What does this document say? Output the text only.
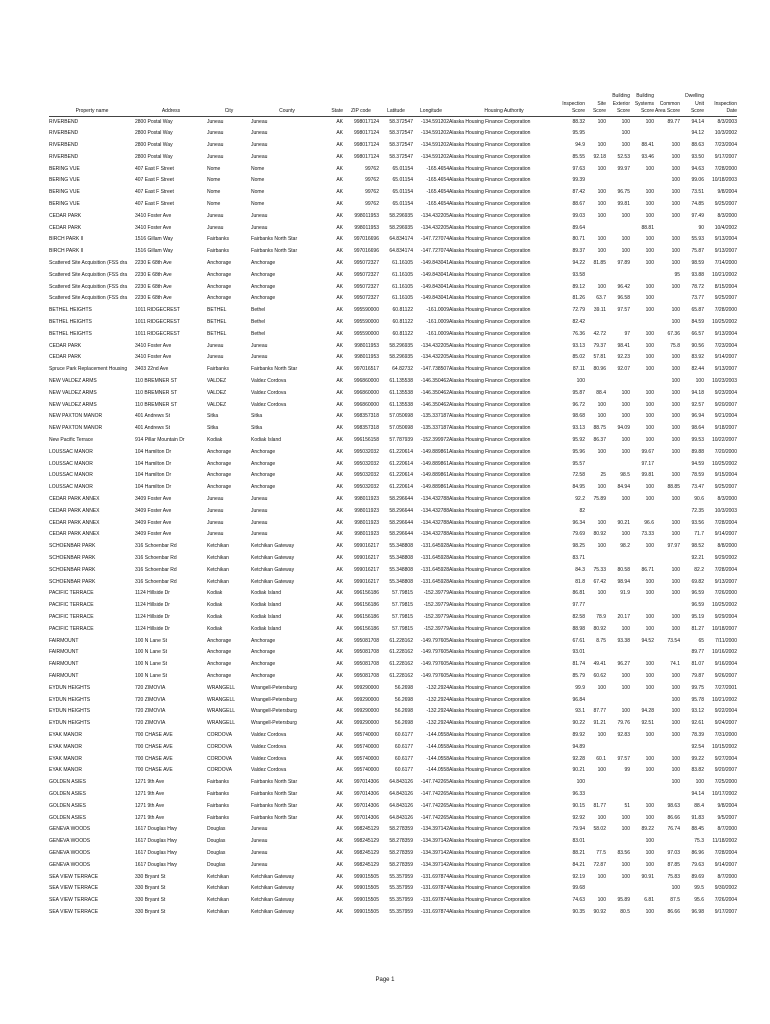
											Building	Building		Dwelling	
									Inspection	Site	Exterior	Systems	Common	Unit	Inspection
Property name	Address	City	County	State	ZIP code	Latitude	Longitude	Housing Authority	Score	Score	Score	Score	Area Score	Score	Date
RIVERBEND	2800 Postal Way	Juneau	Juneau	AK	998017124	58.372547	-134.591202	Alaska Housing Finance Corporation	88.32	100	100	100	89.77	94.14	8/3/2003
RIVERBEND	2800 Postal Way	Juneau	Juneau	AK	998017124	58.372547	-134.591202	Alaska Housing Finance Corporation	95.95		100			94.12	10/3/2002
RIVERBEND	2800 Postal Way	Juneau	Juneau	AK	998017124	58.372547	-134.591202	Alaska Housing Finance Corporation	94.9	100	100	88.41	100	88.63	7/23/2004
RIVERBEND	2800 Postal Way	Juneau	Juneau	AK	998017124	58.372547	-134.591202	Alaska Housing Finance Corporation	85.55	92.18	52.53	93.46	100	93.50	9/17/2007
BERING VUE	407 East F Street	Nome	Nome	AK	99762	65.01154	-165.4654	Alaska Housing Finance Corporation	97.63	100	99.97	100	100	94.63	7/28/2000
BERING VUE	407 East F Street	Nome	Nome	AK	99762	65.01154	-165.4654	Alaska Housing Finance Corporation	99.39				100	99.06	10/18/2003
BERING VUE	407 East F Street	Nome	Nome	AK	99762	65.01154	-165.4654	Alaska Housing Finance Corporation	87.42	100	96.75	100	100	73.51	9/8/2004
BERING VUE	407 East F Street	Nome	Nome	AK	99762	65.01154	-165.4654	Alaska Housing Finance Corporation	88.67	100	99.81	100	100	74.85	9/25/2007
CEDAR PARK	3410 Foster Ave	Juneau	Juneau	AK	998011953	58.296935	-134.432205	Alaska Housing Finance Corporation	99.03	100	100	100	100	97.49	8/3/2000
CEDAR PARK	3410 Foster Ave	Juneau	Juneau	AK	998011953	58.296935	-134.432205	Alaska Housing Finance Corporation	89.64			88.81		90	10/4/2002
BIRCH PARK II	1516 Gillam Way	Fairbanks	Fairbanks North Star	AK	997016696	64.834174	-147.727074	Alaska Housing Finance Corporation	80.71	100	100	100	100	55.93	9/13/2004
BIRCH PARK II	1516 Gillam Way	Fairbanks	Fairbanks North Star	AK	997016696	64.834174	-147.727074	Alaska Housing Finance Corporation	89.37	100	100	100	100	75.87	9/13/2007
Scattered Site Acquisition (FSS dra	2230 E 68th Ave	Anchorage	Anchorage	AK	995072327	61.16105	-149.843041	Alaska Housing Finance Corporation	94.22	81.85	97.89	100	100	98.59	7/14/2000
Scattered Site Acquisition (FSS dra	2230 E 68th Ave	Anchorage	Anchorage	AK	995072327	61.16105	-149.843041	Alaska Housing Finance Corporation	93.58				95	93.88	10/21/2002
Scattered Site Acquisition (FSS dra	2230 E 68th Ave	Anchorage	Anchorage	AK	995072327	61.16105	-149.843041	Alaska Housing Finance Corporation	89.12	100	96.42	100	100	78.72	8/15/2004
Scattered Site Acquisition (FSS dra	2230 E 68th Ave	Anchorage	Anchorage	AK	995072327	61.16105	-149.843041	Alaska Housing Finance Corporation	81.26	63.7	96.58	100		73.77	9/25/2007
BETHEL HEIGHTS	1011 RIDGECREST	BETHEL	Bethel	AK	995590000	60.81122	-161.0009	Alaska Housing Finance Corporation	72.79	39.11	97.57	100	100	65.87	7/28/2000
BETHEL HEIGHTS	1011 RIDGECREST	BETHEL	Bethel	AK	995590000	60.81122	-161.0009	Alaska Housing Finance Corporation	82.42				100	84.59	10/25/2002
BETHEL HEIGHTS	1011 RIDGECREST	BETHEL	Bethel	AK	995590000	60.81122	-161.0009	Alaska Housing Finance Corporation	76.36	42.72	97	100	67.36	66.57	9/13/2004
CEDAR PARK	3410 Foster Ave	Juneau	Juneau	AK	998011953	58.296935	-134.432205	Alaska Housing Finance Corporation	93.13	79.37	98.41	100	75.8	90.56	7/23/2004
CEDAR PARK	3410 Foster Ave	Juneau	Juneau	AK	998011953	58.296935	-134.432205	Alaska Housing Finance Corporation	85.02	57.81	92.23	100	100	83.92	9/14/2007
Spruce Park Replacement Housing	3403 22nd Ave	Fairbanks	Fairbanks North Star	AK	997016517	64.82732	-147.738507	Alaska Housing Finance Corporation	87.11	80.96	92.07	100	100	82.44	9/13/2007
NEW VALDEZ ARMS	110 BREMNER ST	VALDEZ	Valdez Cordova	AK	996860000	61.135538	-146.350462	Alaska Housing Finance Corporation	100				100	100	10/23/2003
NEW VALDEZ ARMS	110 BREMNER ST	VALDEZ	Valdez Cordova	AK	996860000	61.135538	-146.350462	Alaska Housing Finance Corporation	95.87	88.4	100	100	100	94.18	9/23/2004
NEW VALDEZ ARMS	110 BREMNER ST	VALDEZ	Valdez Cordova	AK	996860000	61.135538	-146.350462	Alaska Housing Finance Corporation	96.72	100	100	100	100	92.57	9/20/2007
NEW PAXTON MANOR	401 Andrews St	Sitka	Sitka	AK	998357318	57.050698	-135.337187	Alaska Housing Finance Corporation	98.68	100	100	100	100	96.94	9/21/2004
NEW PAXTON MANOR	401 Andrews St	Sitka	Sitka	AK	998357318	57.050698	-135.337187	Alaska Housing Finance Corporation	93.13	88.75	94.09	100	100	98.64	9/18/2007
New Pacific Terrace	914 Pillar Mountain Dr	Kodiak	Kodiak Island	AK	996156158	57.787939	-152.399972	Alaska Housing Finance Corporation	95.92	86.37	100	100	100	99.53	10/22/2007
LOUSSAC MANOR	104 Hamilton Dr	Anchorage	Anchorage	AK	995032032	61.220614	-149.889861	Alaska Housing Finance Corporation	95.96	100	100	99.67	100	89.88	7/20/2000
LOUSSAC MANOR	104 Hamilton Dr	Anchorage	Anchorage	AK	995032032	61.220614	-149.889861	Alaska Housing Finance Corporation	95.57			97.17		94.59	10/25/2002
LOUSSAC MANOR	104 Hamilton Dr	Anchorage	Anchorage	AK	995032032	61.220614	-149.889861	Alaska Housing Finance Corporation	72.58	25	98.5	99.81	100	78.59	9/15/2004
LOUSSAC MANOR	104 Hamilton Dr	Anchorage	Anchorage	AK	995032032	61.220614	-149.889861	Alaska Housing Finance Corporation	84.95	100	84.94	100	88.85	73.47	9/25/2007
CEDAR PARK ANNEX	3409 Foster Ave	Juneau	Juneau	AK	998011923	58.296644	-134.432788	Alaska Housing Finance Corporation	92.2	75.89	100	100	100	90.6	8/3/2000
CEDAR PARK ANNEX	3409 Foster Ave	Juneau	Juneau	AK	998011923	58.296644	-134.432788	Alaska Housing Finance Corporation	82					72.35	10/3/2003
CEDAR PARK ANNEX	3409 Foster Ave	Juneau	Juneau	AK	998011923	58.296644	-134.432788	Alaska Housing Finance Corporation	96.34	100	90.21	96.6	100	93.56	7/28/2004
CEDAR PARK ANNEX	3409 Foster Ave	Juneau	Juneau	AK	998011923	58.296644	-134.432788	Alaska Housing Finance Corporation	79.69	80.92	100	73.33	100	71.7	9/14/2007
SCHOENBAR PARK	316 Schoenbar Rd	Ketchikan	Ketchikan Gateway	AK	999016217	55.348808	-131.645928	Alaska Housing Finance Corporation	98.25	100	98.2	100	97.97	98.52	8/8/2000
SCHOENBAR PARK	316 Schoenbar Rd	Ketchikan	Ketchikan Gateway	AK	999016217	55.348808	-131.645928	Alaska Housing Finance Corporation	83.71					92.21	9/29/2002
SCHOENBAR PARK	316 Schoenbar Rd	Ketchikan	Ketchikan Gateway	AK	999016217	55.348808	-131.645928	Alaska Housing Finance Corporation	84.3	75.33	80.58	86.71	100	82.2	7/28/2004
SCHOENBAR PARK	316 Schoenbar Rd	Ketchikan	Ketchikan Gateway	AK	999016217	55.348808	-131.645928	Alaska Housing Finance Corporation	81.8	67.42	98.94	100	100	69.82	9/13/2007
PACIFIC TERRACE	1124 Hillside Dr	Kodiak	Kodiak Island	AK	996156186	57.79815	-152.39779	Alaska Housing Finance Corporation	86.81	100	91.9	100	100	96.59	7/26/2000
PACIFIC TERRACE	1124 Hillside Dr	Kodiak	Kodiak Island	AK	996156186	57.79815	-152.39779	Alaska Housing Finance Corporation	97.77					96.59	10/25/2002
PACIFIC TERRACE	1124 Hillside Dr	Kodiak	Kodiak Island	AK	996156186	57.79815	-152.39779	Alaska Housing Finance Corporation	82.58	78.9	20.17	100	100	95.19	9/29/2004
PACIFIC TERRACE	1124 Hillside Dr	Kodiak	Kodiak Island	AK	996156186	57.79815	-152.39779	Alaska Housing Finance Corporation	88.98	80.92	100	100	100	81.27	10/18/2007
FAIRMOUNT	100 N Lane St	Anchorage	Anchorage	AK	995081708	61.228162	-149.797605	Alaska Housing Finance Corporation	67.61	8.75	93.38	94.52	73.54	65	7/11/2000
FAIRMOUNT	100 N Lane St	Anchorage	Anchorage	AK	995081708	61.228162	-149.797605	Alaska Housing Finance Corporation	93.01					89.77	10/16/2002
FAIRMOUNT	100 N Lane St	Anchorage	Anchorage	AK	995081708	61.228162	-149.797605	Alaska Housing Finance Corporation	81.74	49.41	96.27	100	74.1	81.07	9/16/2004
FAIRMOUNT	100 N Lane St	Anchorage	Anchorage	AK	995081708	61.228162	-149.797605	Alaska Housing Finance Corporation	85.79	60.62	100	100	100	79.87	9/26/2007
EYDUN HEIGHTS	720 ZIMOVIA	WRANGELL	Wrangell-Petersburg	AK	999290000	56.2698	-132.2924	Alaska Housing Finance Corporation	99.9	100	100	100	100	99.75	7/27/2001
EYDUN HEIGHTS	720 ZIMOVIA	WRANGELL	Wrangell-Petersburg	AK	999290000	56.2698	-132.2924	Alaska Housing Finance Corporation	96.84				100	95.78	10/21/2002
EYDUN HEIGHTS	720 ZIMOVIA	WRANGELL	Wrangell-Petersburg	AK	999290000	56.2698	-132.2924	Alaska Housing Finance Corporation	93.1	87.77	100	94.28	100	93.12	9/22/2004
EYDUN HEIGHTS	720 ZIMOVIA	WRANGELL	Wrangell-Petersburg	AK	999290000	56.2698	-132.2924	Alaska Housing Finance Corporation	90.22	91.21	79.76	92.51	100	92.61	9/24/2007
EYAK MANOR	700 CHASE AVE	CORDOVA	Valdez Cordova	AK	995740000	60.6177	-144.0558	Alaska Housing Finance Corporation	89.92	100	92.83	100	100	78.39	7/31/2000
EYAK MANOR	700 CHASE AVE	CORDOVA	Valdez Cordova	AK	995740000	60.6177	-144.0558	Alaska Housing Finance Corporation	94.89					92.54	10/15/2002
EYAK MANOR	700 CHASE AVE	CORDOVA	Valdez Cordova	AK	995740000	60.6177	-144.0558	Alaska Housing Finance Corporation	92.28	60.1	97.57	100	100	99.22	9/27/2004
EYAK MANOR	700 CHASE AVE	CORDOVA	Valdez Cordova	AK	995740000	60.6177	-144.0558	Alaska Housing Finance Corporation	90.21	100	99	100	100	83.82	9/20/2007
GOLDEN ASIES	1271 9th Ave	Fairbanks	Fairbanks North Star	AK	997014306	64.843126	-147.742265	Alaska Housing Finance Corporation	100				100	100	7/25/2000
GOLDEN ASIES	1271 9th Ave	Fairbanks	Fairbanks North Star	AK	997014306	64.843126	-147.742265	Alaska Housing Finance Corporation	96.33					94.14	10/17/2002
GOLDEN ASIES	1271 9th Ave	Fairbanks	Fairbanks North Star	AK	997014306	64.843126	-147.742265	Alaska Housing Finance Corporation	90.15	81.77	51	100	98.63	88.4	9/8/2004
GOLDEN ASIES	1271 9th Ave	Fairbanks	Fairbanks North Star	AK	997014306	64.843126	-147.742265	Alaska Housing Finance Corporation	92.92	100	100	100	86.66	91.83	9/5/2007
GENEVA WOODS	1617 Douglas Hwy	Douglas	Juneau	AK	998245129	58.278359	-134.397142	Alaska Housing Finance Corporation	79.94	58.02	100	89.22	76.74	88.45	8/7/2000
GENEVA WOODS	1617 Douglas Hwy	Douglas	Juneau	AK	998245129	58.278359	-134.397142	Alaska Housing Finance Corporation	83.01			100		75.3	11/18/2002
GENEVA WOODS	1617 Douglas Hwy	Douglas	Juneau	AK	998245129	58.278359	-134.397142	Alaska Housing Finance Corporation	88.21	77.5	83.56	100	97.03	86.96	7/28/2004
GENEVA WOODS	1617 Douglas Hwy	Douglas	Juneau	AK	998245129	58.278359	-134.397142	Alaska Housing Finance Corporation	84.21	72.87	100	100	87.85	79.63	9/14/2007
SEA VIEW TERRACE	330 Bryant St	Ketchikan	Ketchikan Gateway	AK	999015505	55.357959	-131.697874	Alaska Housing Finance Corporation	92.19	100	100	90.91	75.83	89.69	8/7/2000
SEA VIEW TERRACE	330 Bryant St	Ketchikan	Ketchikan Gateway	AK	999015505	55.357959	-131.697874	Alaska Housing Finance Corporation	99.68				100	99.5	9/30/2002
SEA VIEW TERRACE	330 Bryant St	Ketchikan	Ketchikan Gateway	AK	999015505	55.357959	-131.697874	Alaska Housing Finance Corporation	74.63	100	95.89	6.81	87.5	95.6	7/26/2004
SEA VIEW TERRACE	330 Bryant St	Ketchikan	Ketchikan Gateway	AK	999015505	55.357959	-131.697874	Alaska Housing Finance Corporation	90.35	90.92	80.5	100	86.66	96.98	9/17/2007
Page 1
